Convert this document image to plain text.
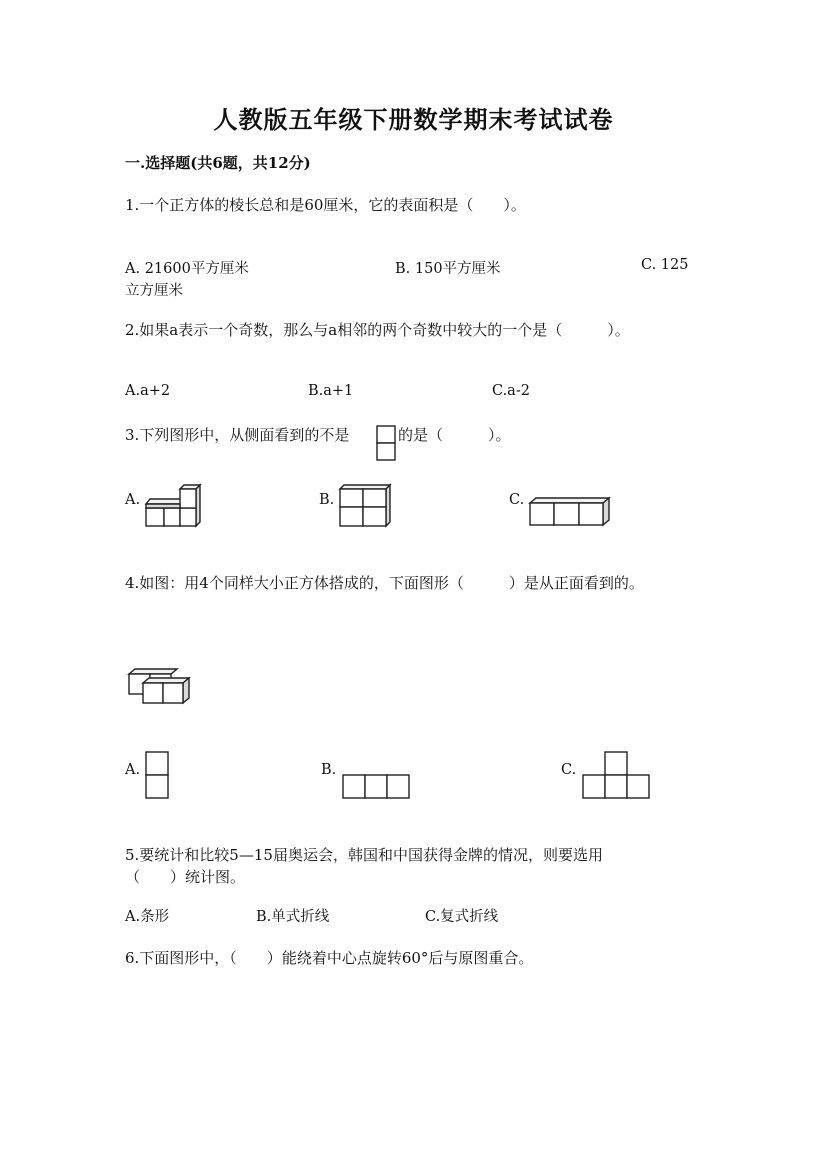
人教版五年级下册数学期末考试试卷
一.选择题(共6题，共12分)
1.一个正方体的棱长总和是60厘米，它的表面积是（　　）。
A. 21600平方厘米	B. 150平方厘米	C. 125
立方厘米
2.如果a表示一个奇数，那么与a相邻的两个奇数中较大的一个是（　　　）。
A.a+2	B.a+1	C.a-2
3.下列图形中，从侧面看到的不是	的是（　　　）。
A.	B.	C.
4.如图：用4个同样大小正方体搭成的，下面图形（　　　）是从正面看到的。
A.	B.	C.
5.要统计和比较5—15届奥运会，韩国和中国获得金牌的情况，则要选用
（　　）统计图。
A.条形	B.单式折线	C.复式折线
6.下面图形中，（　　）能绕着中心点旋转60°后与原图重合。
